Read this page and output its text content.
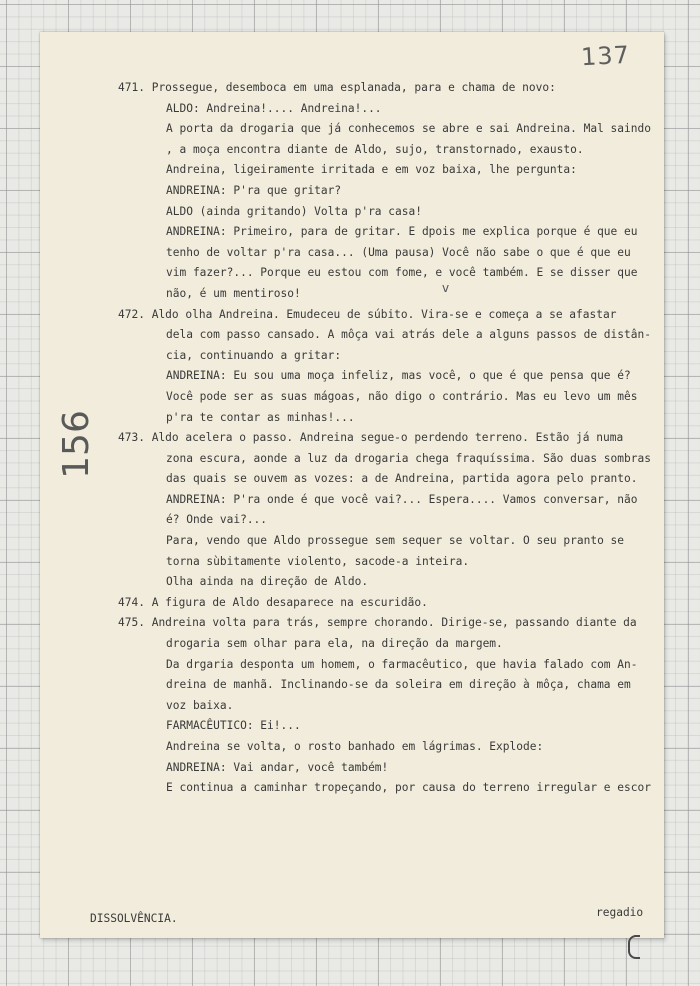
137
156
471. Prossegue, desemboca em uma esplanada, para e chama de novo:
ALDO: Andreina!.... Andreina!...
A porta da drogaria que já conhecemos se abre e sai Andreina. Mal saindo
, a moça encontra diante de Aldo, sujo, transtornado, exausto.
Andreina, ligeiramente irritada e em voz baixa, lhe pergunta:
ANDREINA: P'ra que gritar?
ALDO (ainda gritando) Volta p'ra casa!
ANDREINA: Primeiro, para de gritar. E dpois me explica porque é que eu
tenho de voltar p'ra casa... (Uma pausa) Você não sabe o que é que eu
vim fazer?... Porque eu estou com fome, e você também. E se disser que
não, é um mentiroso!
472. Aldo olha Andreina. Emudeceu de súbito. Vira-se e começa a se afastar
dela com passo cansado. A môça vai atrás dele a alguns passos de distân-
cia, continuando a gritar:
ANDREINA: Eu sou uma moça infeliz, mas você, o que é que pensa que é?
Você pode ser as suas mágoas, não digo o contrário. Mas eu levo um mês
p'ra te contar as minhas!...
473. Aldo acelera o passo. Andreina segue-o perdendo terreno. Estão já numa
zona escura, aonde a luz da drogaria chega fraquíssima. São duas sombras
das quais se ouvem as vozes: a de Andreina, partida agora pelo pranto.
ANDREINA: P'ra onde é que você vai?... Espera.... Vamos conversar, não
é? Onde vai?...
Para, vendo que Aldo prossegue sem sequer se voltar. O seu pranto se
torna sùbitamente violento, sacode-a inteira.
Olha ainda na direção de Aldo.
474. A figura de Aldo desaparece na escuridão.
475. Andreina volta para trás, sempre chorando. Dirige-se, passando diante da
drogaria sem olhar para ela, na direção da margem.
Da drgaria desponta um homem, o farmacêutico, que havia falado com An-
dreina de manhã. Inclinando-se da soleira em direção à môça, chama em
voz baixa.
FARMACÊUTICO: Ei!...
Andreina se volta, o rosto banhado em lágrimas. Explode:
ANDREINA: Vai andar, você também!
E continua a caminhar tropeçando, por causa do terreno irregular e escor
v
DISSOLVÊNCIA.	regadio
